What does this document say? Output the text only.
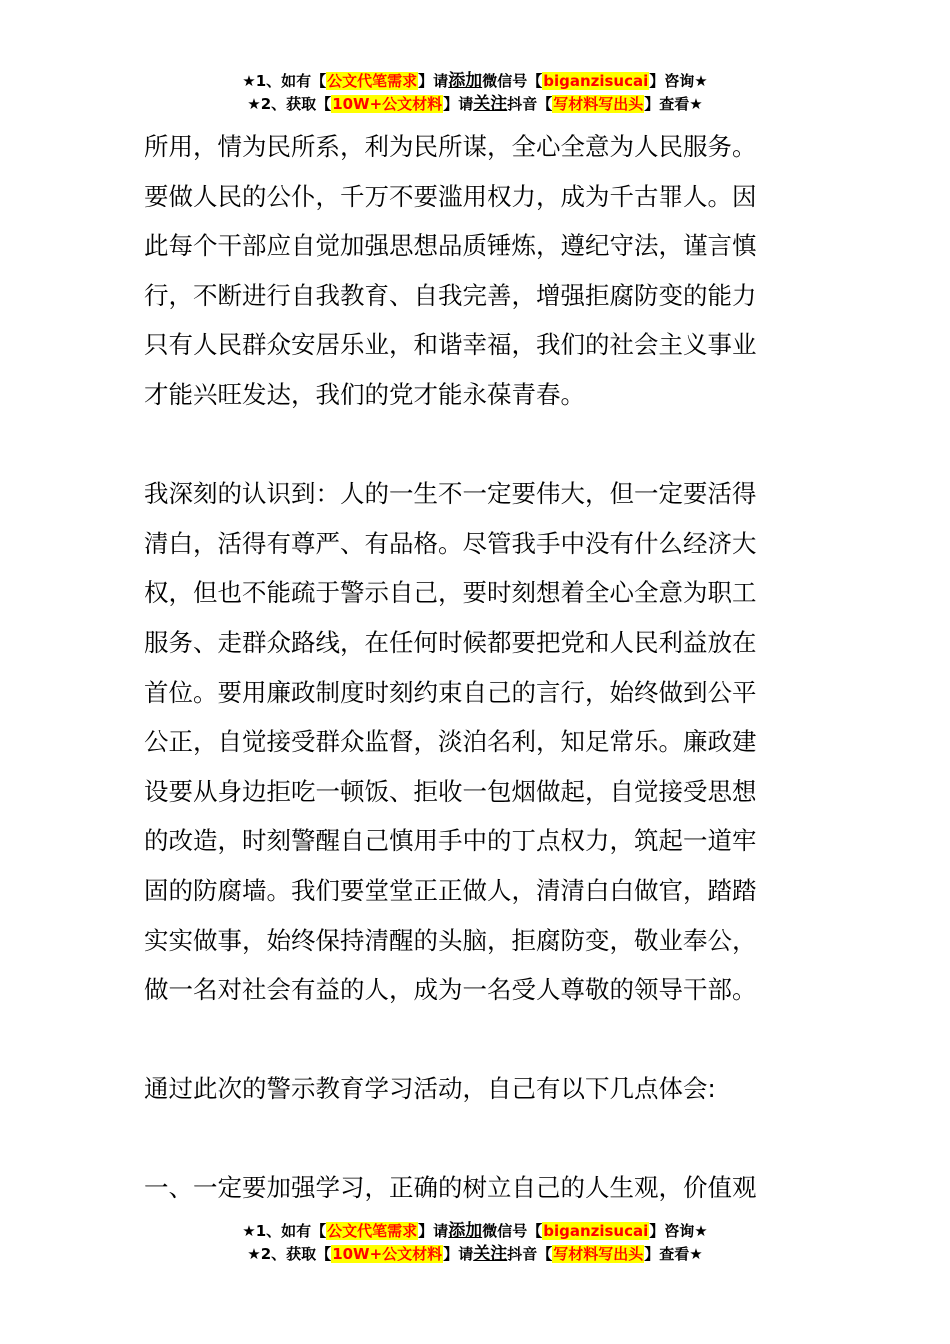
★1、如有【公文代笔需求】请添加微信号【biganzisucai】咨询★
★2、获取【10W+公文材料】请关注抖音【写材料写出头】查看★
所用，情为民所系，利为民所谋，全心全意为人民服务。
要做人民的公仆，千万不要滥用权力，成为千古罪人。因
此每个干部应自觉加强思想品质锤炼，遵纪守法，谨言慎
行，不断进行自我教育、自我完善，增强拒腐防变的能力
只有人民群众安居乐业，和谐幸福，我们的社会主义事业
才能兴旺发达，我们的党才能永葆青春。
我深刻的认识到：人的一生不一定要伟大，但一定要活得
清白，活得有尊严、有品格。尽管我手中没有什么经济大
权，但也不能疏于警示自己，要时刻想着全心全意为职工
服务、走群众路线，在任何时候都要把党和人民利益放在
首位。要用廉政制度时刻约束自己的言行，始终做到公平
公正，自觉接受群众监督，淡泊名利，知足常乐。廉政建
设要从身边拒吃一顿饭、拒收一包烟做起，自觉接受思想
的改造，时刻警醒自己慎用手中的丁点权力，筑起一道牢
固的防腐墙。我们要堂堂正正做人，清清白白做官，踏踏
实实做事，始终保持清醒的头脑，拒腐防变，敬业奉公，
做一名对社会有益的人，成为一名受人尊敬的领导干部。
通过此次的警示教育学习活动，自己有以下几点体会:
一、一定要加强学习，正确的树立自己的人生观，价值观
★1、如有【公文代笔需求】请添加微信号【biganzisucai】咨询★
★2、获取【10W+公文材料】请关注抖音【写材料写出头】查看★
